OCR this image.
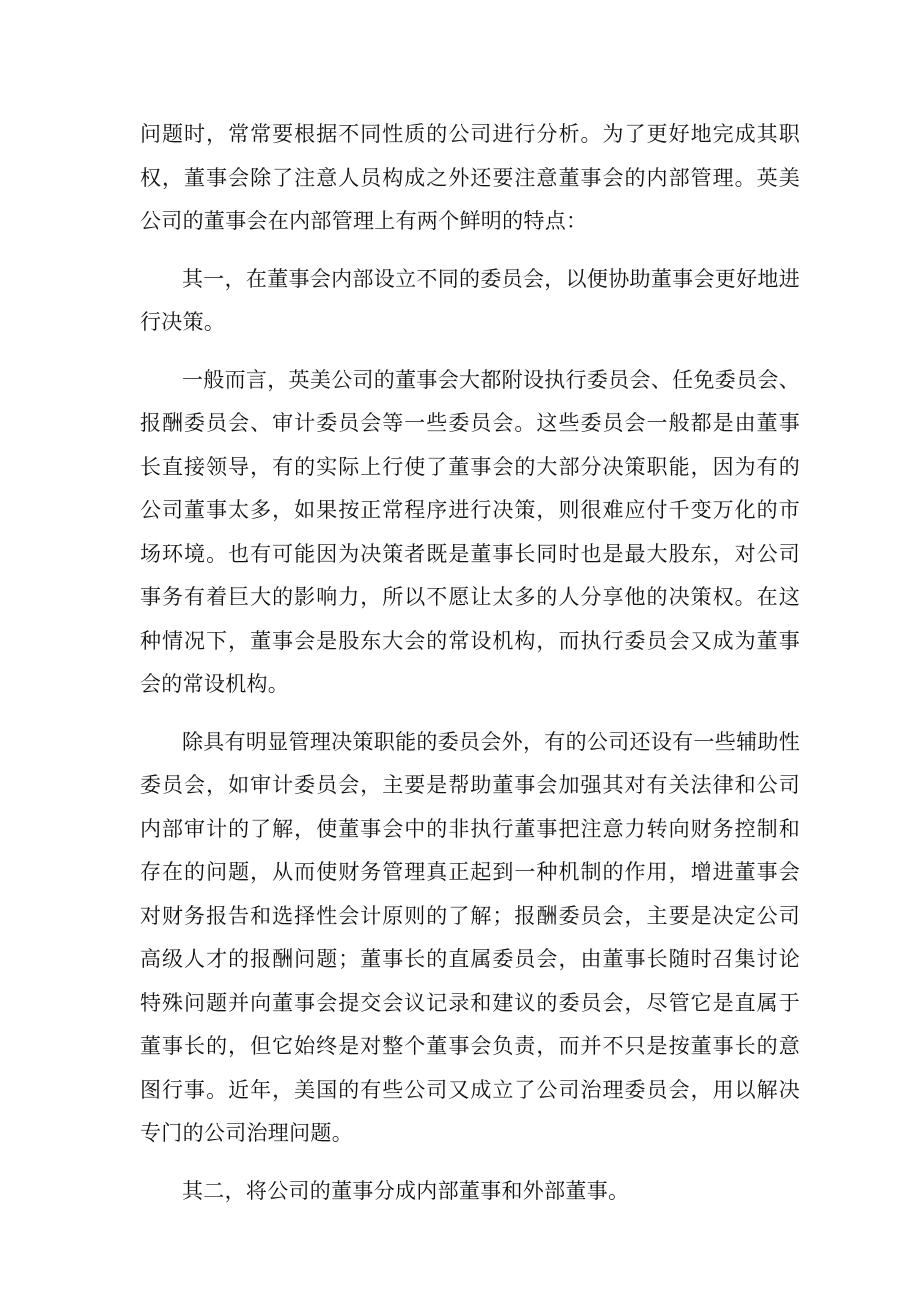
问题时，常常要根据不同性质的公司进行分析。为了更好地完成其职权，董事会除了注意人员构成之外还要注意董事会的内部管理。英美公司的董事会在内部管理上有两个鲜明的特点：

其一，在董事会内部设立不同的委员会，以便协助董事会更好地进行决策。

一般而言，英美公司的董事会大都附设执行委员会、任免委员会、报酬委员会、审计委员会等一些委员会。这些委员会一般都是由董事长直接领导，有的实际上行使了董事会的大部分决策职能，因为有的公司董事太多，如果按正常程序进行决策，则很难应付千变万化的市场环境。也有可能因为决策者既是董事长同时也是最大股东，对公司事务有着巨大的影响力，所以不愿让太多的人分享他的决策权。在这种情况下，董事会是股东大会的常设机构，而执行委员会又成为董事会的常设机构。

除具有明显管理决策职能的委员会外，有的公司还设有一些辅助性委员会，如审计委员会，主要是帮助董事会加强其对有关法律和公司内部审计的了解，使董事会中的非执行董事把注意力转向财务控制和存在的问题，从而使财务管理真正起到一种机制的作用，增进董事会对财务报告和选择性会计原则的了解；报酬委员会，主要是决定公司高级人才的报酬问题；董事长的直属委员会，由董事长随时召集讨论特殊问题并向董事会提交会议记录和建议的委员会，尽管它是直属于董事长的，但它始终是对整个董事会负责，而并不只是按董事长的意图行事。近年，美国的有些公司又成立了公司治理委员会，用以解决专门的公司治理问题。

其二，将公司的董事分成内部董事和外部董事。
